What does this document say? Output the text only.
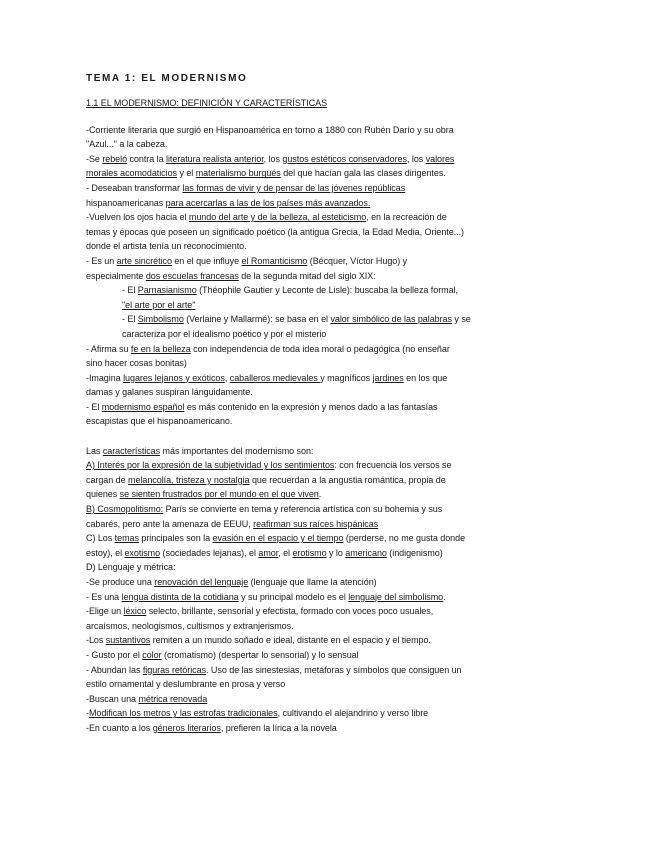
TEMA 1: EL MODERNISMO
1.1 EL MODERNISMO: DEFINICIÓN Y CARACTERÍSTICAS
-Corriente literaria que surgió en Hispanoamérica en torno a 1880 con Rubén Darío y su obra
"Azul..." a la cabeza.
-Se rebeló contra la literatura realista anterior, los gustos estéticos conservadores, los valores
morales acomodaticios y el materialismo burgués del que hacían gala las clases dirigentes.
- Deseaban transformar las formas de vivir y de pensar de las jóvenes repúblicas
hispanoamericanas para acercarlas a las de los países más avanzados.
-Vuelven los ojos hacia el mundo del arte y de la belleza, al esteticismo, en la recreación de
temas y épocas que poseen un significado poético (la antigua Grecia, la Edad Media, Oriente...)
donde el artista tenía un reconocimiento.
- Es un arte sincrético en el que influye el Romanticismo (Bécquer, Víctor Hugo) y
especialmente dos escuelas francesas de la segunda mitad del siglo XIX:
- El Parnasianismo (Théophile Gautier y Leconte de Lisle): buscaba la belleza formal,
"el arte por el arte"
- El Simbolismo (Verlaine y Mallarmé): se basa en el valor simbólico de las palabras y se
caracteriza por el idealismo poético y por el misterio
- Afirma su fe en la belleza con independencia de toda idea moral o pedagógica (no enseñar
sino hacer cosas bonitas)
-Imagina lugares lejanos y exóticos, caballeros medievales y magníficos jardines en los que
damas y galanes suspiran lánguidamente.
- El modernismo español es más contenido en la expresión y menos dado a las fantasías
escapistas que el hispanoamericano.
Las características más importantes del modernismo son:
A) Interés por la expresión de la subjetividad y los sentimientos: con frecuencia los versos se
cargan de melancolía, tristeza y nostalgia que recuerdan a la angustia romántica, propia de
quienes se sienten frustrados por el mundo en el que viven.
B) Cosmopolitismo: París se convierte en tema y referencia artística con su bohemia y sus
cabarés, pero ante la amenaza de EEUU, reafirman sus raíces hispánicas
C) Los temas principales son la evasión en el espacio y el tiempo (perderse, no me gusta donde
estoy), el exotismo (sociedades lejanas), el amor, el erotismo y lo americano (indigenismo)
D) Lenguaje y métrica:
-Se produce una renovación del lenguaje (lenguaje que llame la atención)
- Es una lengua distinta de la cotidiana y su principal modelo es el lenguaje del simbolismo.
-Elige un léxico selecto, brillante, sensorial y efectista, formado con voces poco usuales,
arcaísmos, neologismos, cultismos y extranjerismos.
-Los sustantivos remiten a un mundo soñado e ideal, distante en el espacio y el tiempo.
- Gusto por el color (cromatismo) (despertar lo sensorial) y lo sensual
- Abundan las figuras retóricas. Uso de las sinestesias, metáforas y símbolos que consiguen un
estilo ornamental y deslumbrante en prosa y verso
-Buscan una métrica renovada
-Modifican los metros y las estrofas tradicionales, cultivando el alejandrino y verso libre
-En cuanto a los géneros literarios, prefieren la lírica a la novela
